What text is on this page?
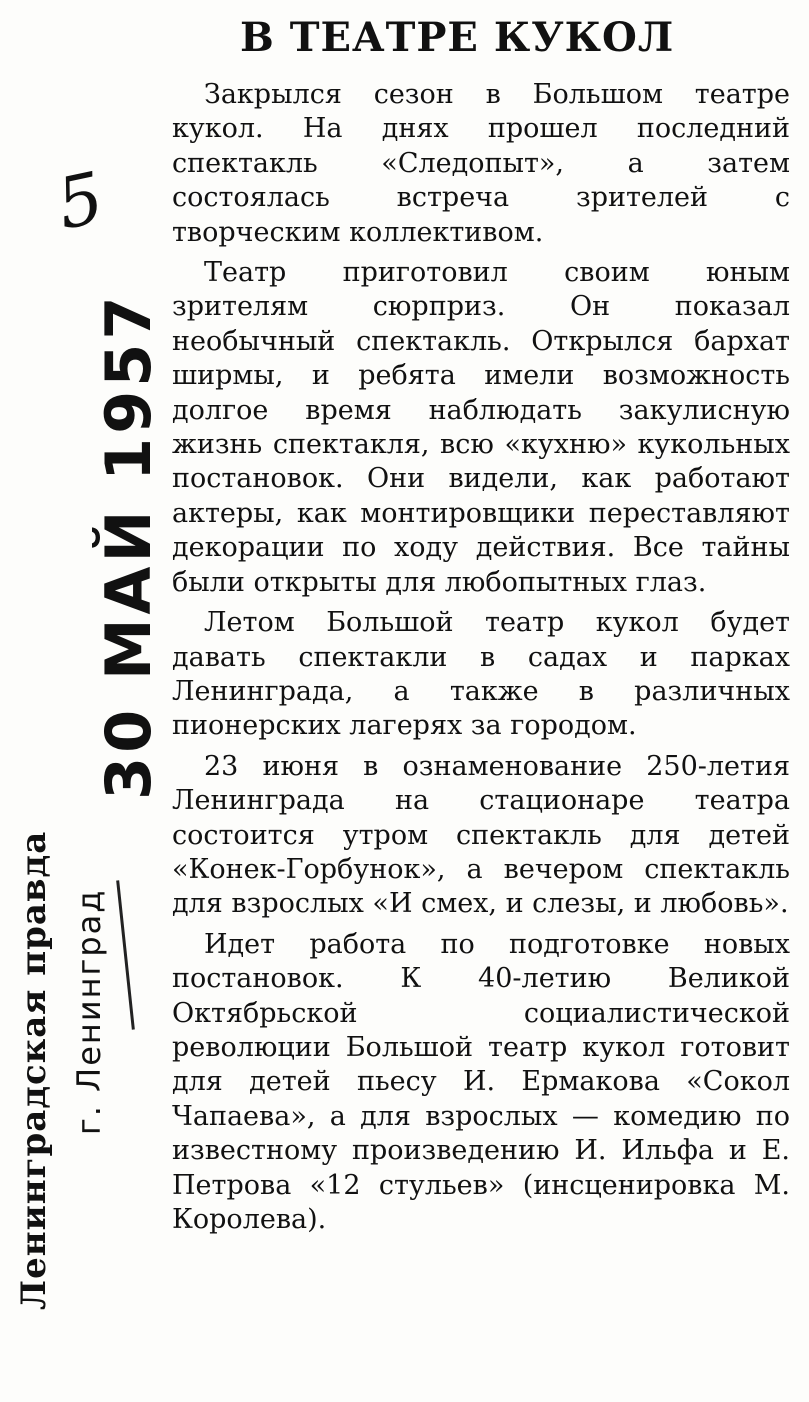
В ТЕАТРЕ КУКОЛ

Закрылся сезон в Большом театре кукол. На днях прошел последний спектакль «Следопыт», а затем состоялась встреча зрителей с творческим коллективом.

Театр приготовил своим юным зрителям сюрприз. Он показал необычный спектакль. Открылся бархат ширмы, и ребята имели возможность долгое время наблюдать закулисную жизнь спектакля, всю «кухню» кукольных постановок. Они видели, как работают актеры, как монтировщики переставляют декорации по ходу действия. Все тайны были открыты для любопытных глаз.

Летом Большой театр кукол будет давать спектакли в садах и парках Ленинграда, а также в различных пионерских лагерях за городом.

23 июня в ознаменование 250-летия Ленинграда на стационаре театра состоится утром спектакль для детей «Конек-Горбунок», а вечером спектакль для взрослых «И смех, и слезы, и любовь».

Идет работа по подготовке новых постановок. К 40-летию Великой Октябрьской социалистической революции Большой театр кукол готовит для детей пьесу И. Ермакова «Сокол Чапаева», а для взрослых — комедию по известному произведению И. Ильфа и Е. Петрова «12 стульев» (инсценировка М. Королева).

5
Ленинградская правда г. Ленинград
30 МАЙ 1957
